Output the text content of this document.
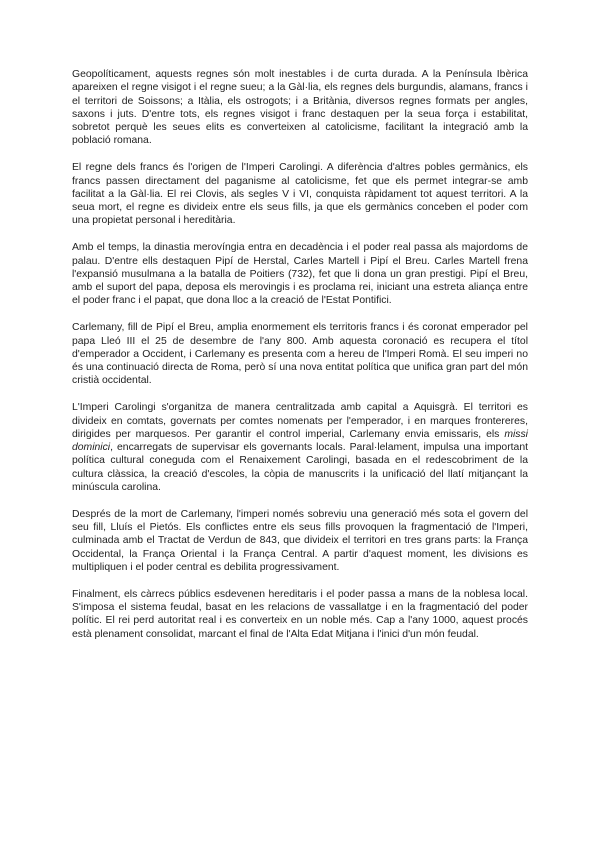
Geopolíticament, aquests regnes són molt inestables i de curta durada. A la Península Ibèrica apareixen el regne visigot i el regne sueu; a la Gàl·lia, els regnes dels burgundis, alamans, francs i el territori de Soissons; a Itàlia, els ostrogots; i a Britània, diversos regnes formats per angles, saxons i juts. D'entre tots, els regnes visigot i franc destaquen per la seua força i estabilitat, sobretot perquè les seues elits es converteixen al catolicisme, facilitant la integració amb la població romana.

El regne dels francs és l'origen de l'Imperi Carolingi. A diferència d'altres pobles germànics, els francs passen directament del paganisme al catolicisme, fet que els permet integrar-se amb facilitat a la Gàl·lia. El rei Clovis, als segles V i VI, conquista ràpidament tot aquest territori. A la seua mort, el regne es divideix entre els seus fills, ja que els germànics conceben el poder com una propietat personal i hereditària.

Amb el temps, la dinastia merovíngia entra en decadència i el poder real passa als majordoms de palau. D'entre ells destaquen Pipí de Herstal, Carles Martell i Pipí el Breu. Carles Martell frena l'expansió musulmana a la batalla de Poitiers (732), fet que li dona un gran prestigi. Pipí el Breu, amb el suport del papa, deposa els merovingis i es proclama rei, iniciant una estreta aliança entre el poder franc i el papat, que dona lloc a la creació de l'Estat Pontifici.

Carlemany, fill de Pipí el Breu, amplia enormement els territoris francs i és coronat emperador pel papa Lleó III el 25 de desembre de l'any 800. Amb aquesta coronació es recupera el títol d'emperador a Occident, i Carlemany es presenta com a hereu de l'Imperi Romà. El seu imperi no és una continuació directa de Roma, però sí una nova entitat política que unifica gran part del món cristià occidental.

L'Imperi Carolingi s'organitza de manera centralitzada amb capital a Aquisgrà. El territori es divideix en comtats, governats per comtes nomenats per l'emperador, i en marques frontereres, dirigides per marquesos. Per garantir el control imperial, Carlemany envia emissaris, els missi dominici, encarregats de supervisar els governants locals. Paral·lelament, impulsa una important política cultural coneguda com el Renaixement Carolingi, basada en el redescobriment de la cultura clàssica, la creació d'escoles, la còpia de manuscrits i la unificació del llatí mitjançant la minúscula carolina.

Després de la mort de Carlemany, l'imperi només sobreviu una generació més sota el govern del seu fill, Lluís el Pietós. Els conflictes entre els seus fills provoquen la fragmentació de l'Imperi, culminada amb el Tractat de Verdun de 843, que divideix el territori en tres grans parts: la França Occidental, la França Oriental i la França Central. A partir d'aquest moment, les divisions es multipliquen i el poder central es debilita progressivament.

Finalment, els càrrecs públics esdevenen hereditaris i el poder passa a mans de la noblesa local. S'imposa el sistema feudal, basat en les relacions de vassallatge i en la fragmentació del poder polític. El rei perd autoritat real i es converteix en un noble més. Cap a l'any 1000, aquest procés està plenament consolidat, marcant el final de l'Alta Edat Mitjana i l'inici d'un món feudal.
